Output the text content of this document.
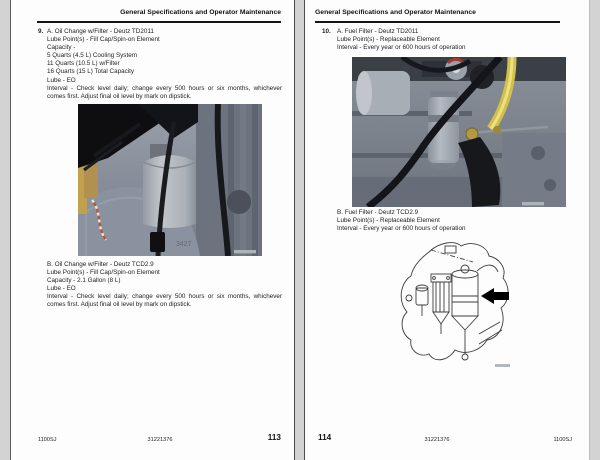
General Specifications and Operator Maintenance
9. A. Oil Change w/Filter - Deutz TD2011
Lube Point(s) - Fill Cap/Spin-on Element
Capacity -
5 Quarts (4.5 L) Cooling System
11 Quarts (10.5 L) w/Filter
16 Quarts (15 L) Total Capacity
Lube - EO
Interval - Check level daily; change every 500 hours or six months, whichever
comes first. Adjust final oil level by mark on dipstick.
3427
B. Oil Change w/Filter - Deutz TCD2.9
Lube Point(s) - Fill Cap/Spin-on Element
Capacity - 2.1 Gallon (8 L)
Lube - EO
Interval - Check level daily; change every 500 hours or six months, whichever
comes first. Adjust final oil level by mark on dipstick.
1100SJ	31221376	113
General Specifications and Operator Maintenance
10. A. Fuel Filter - Deutz TD2011
Lube Point(s) - Replaceable Element
Interval - Every year or 600 hours of operation
B. Fuel Filter - Deutz TCD2.9
Lube Point(s) - Replaceable Element
Interval - Every year or 600 hours of operation
114	31221376	1100SJ
